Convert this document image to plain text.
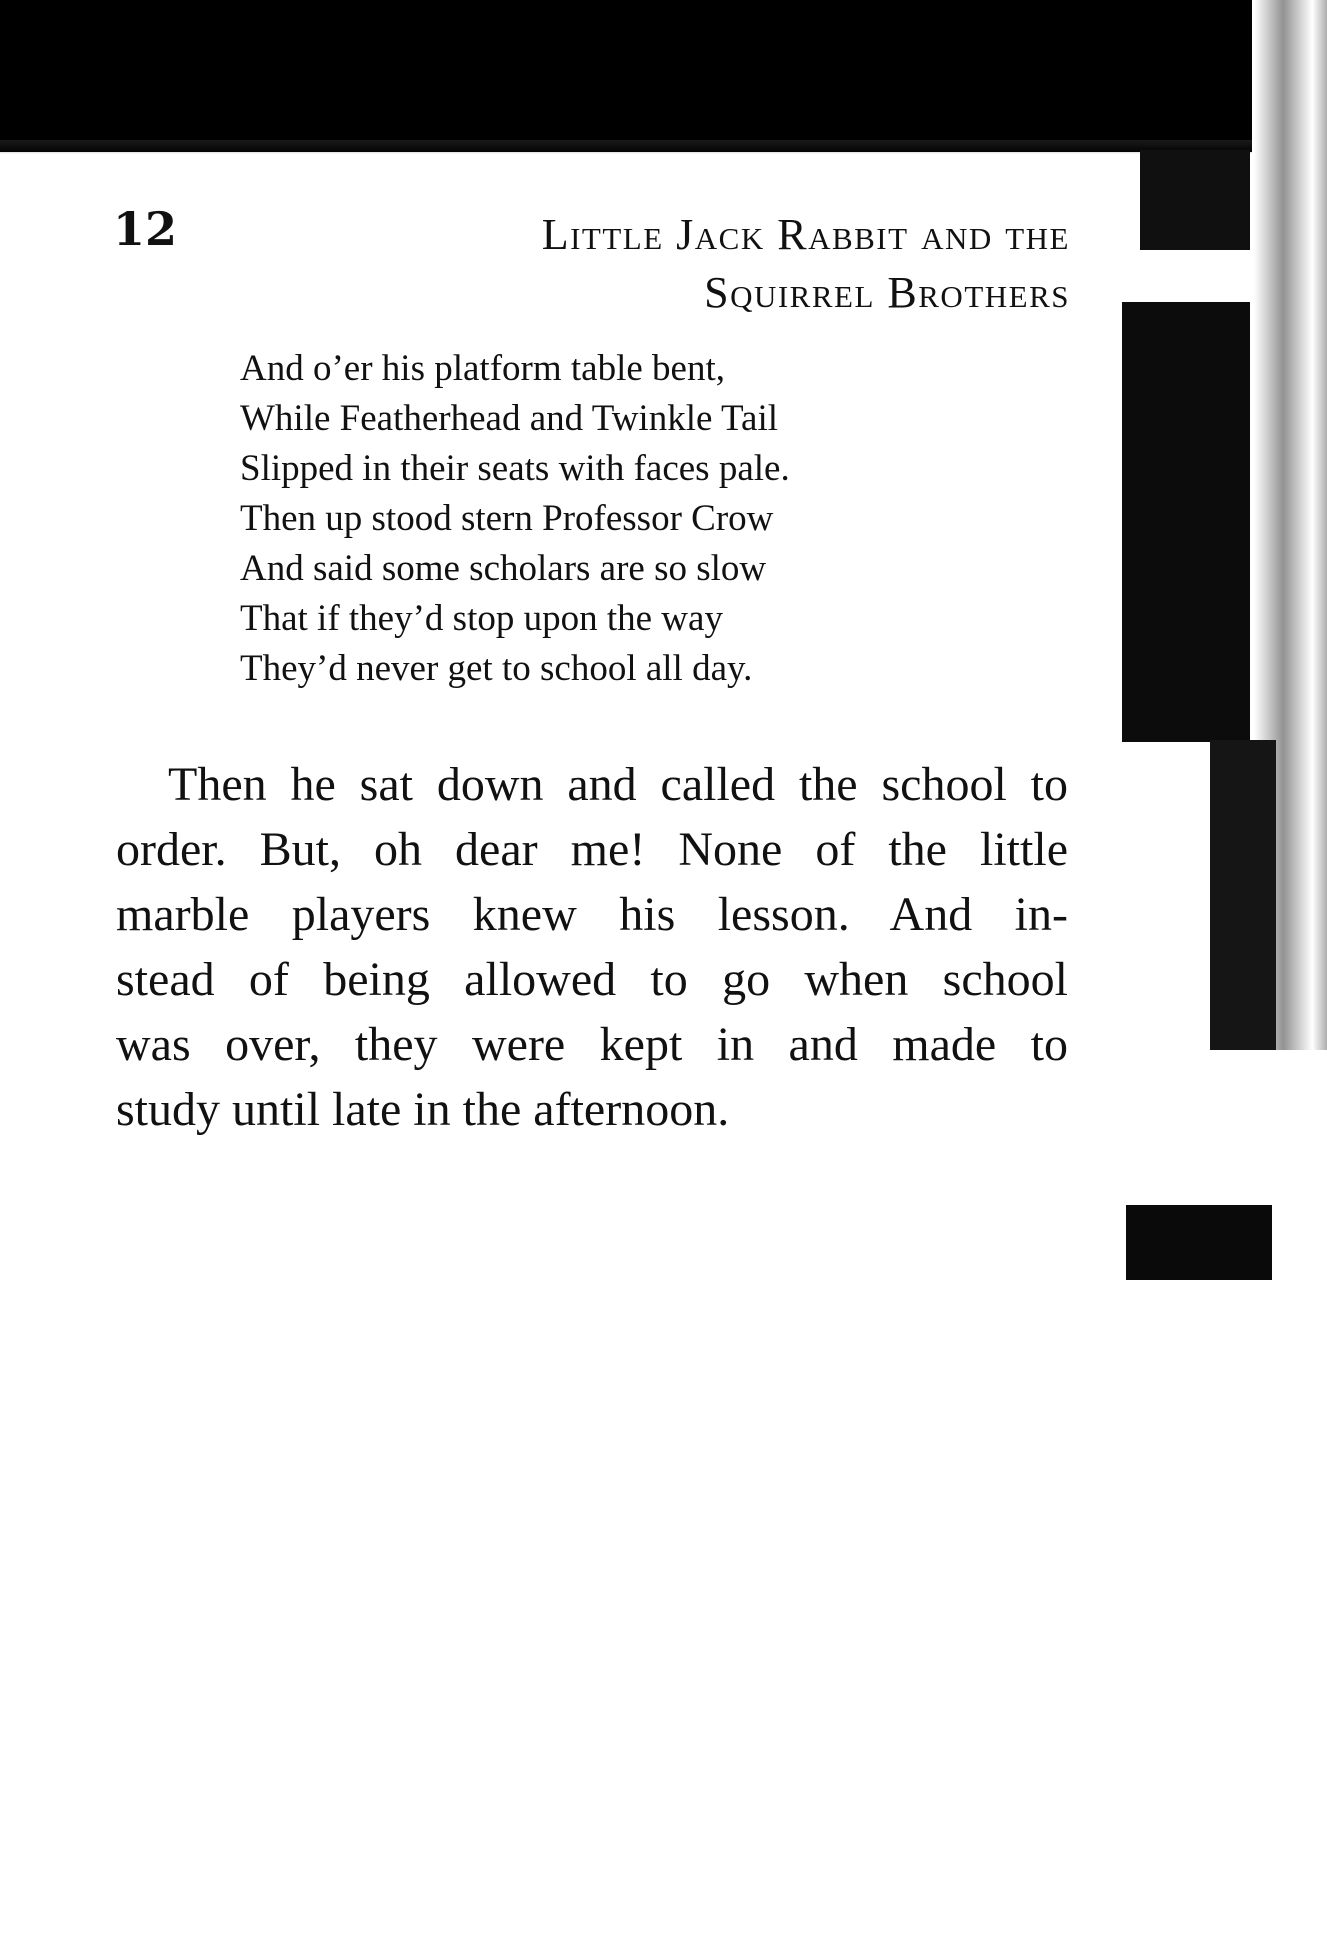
12	Little Jack Rabbit and the
Squirrel Brothers
And o’er his platform table bent,
While Featherhead and Twinkle Tail
Slipped in their seats with faces pale.
Then up stood stern Professor Crow
And said some scholars are so slow
That if they’d stop upon the way
They’d never get to school all day.
Then he sat down and called the school to
order. But, oh dear me! None of the little
marble players knew his lesson. And in-
stead of being allowed to go when school
was over, they were kept in and made to
study until late in the afternoon.
